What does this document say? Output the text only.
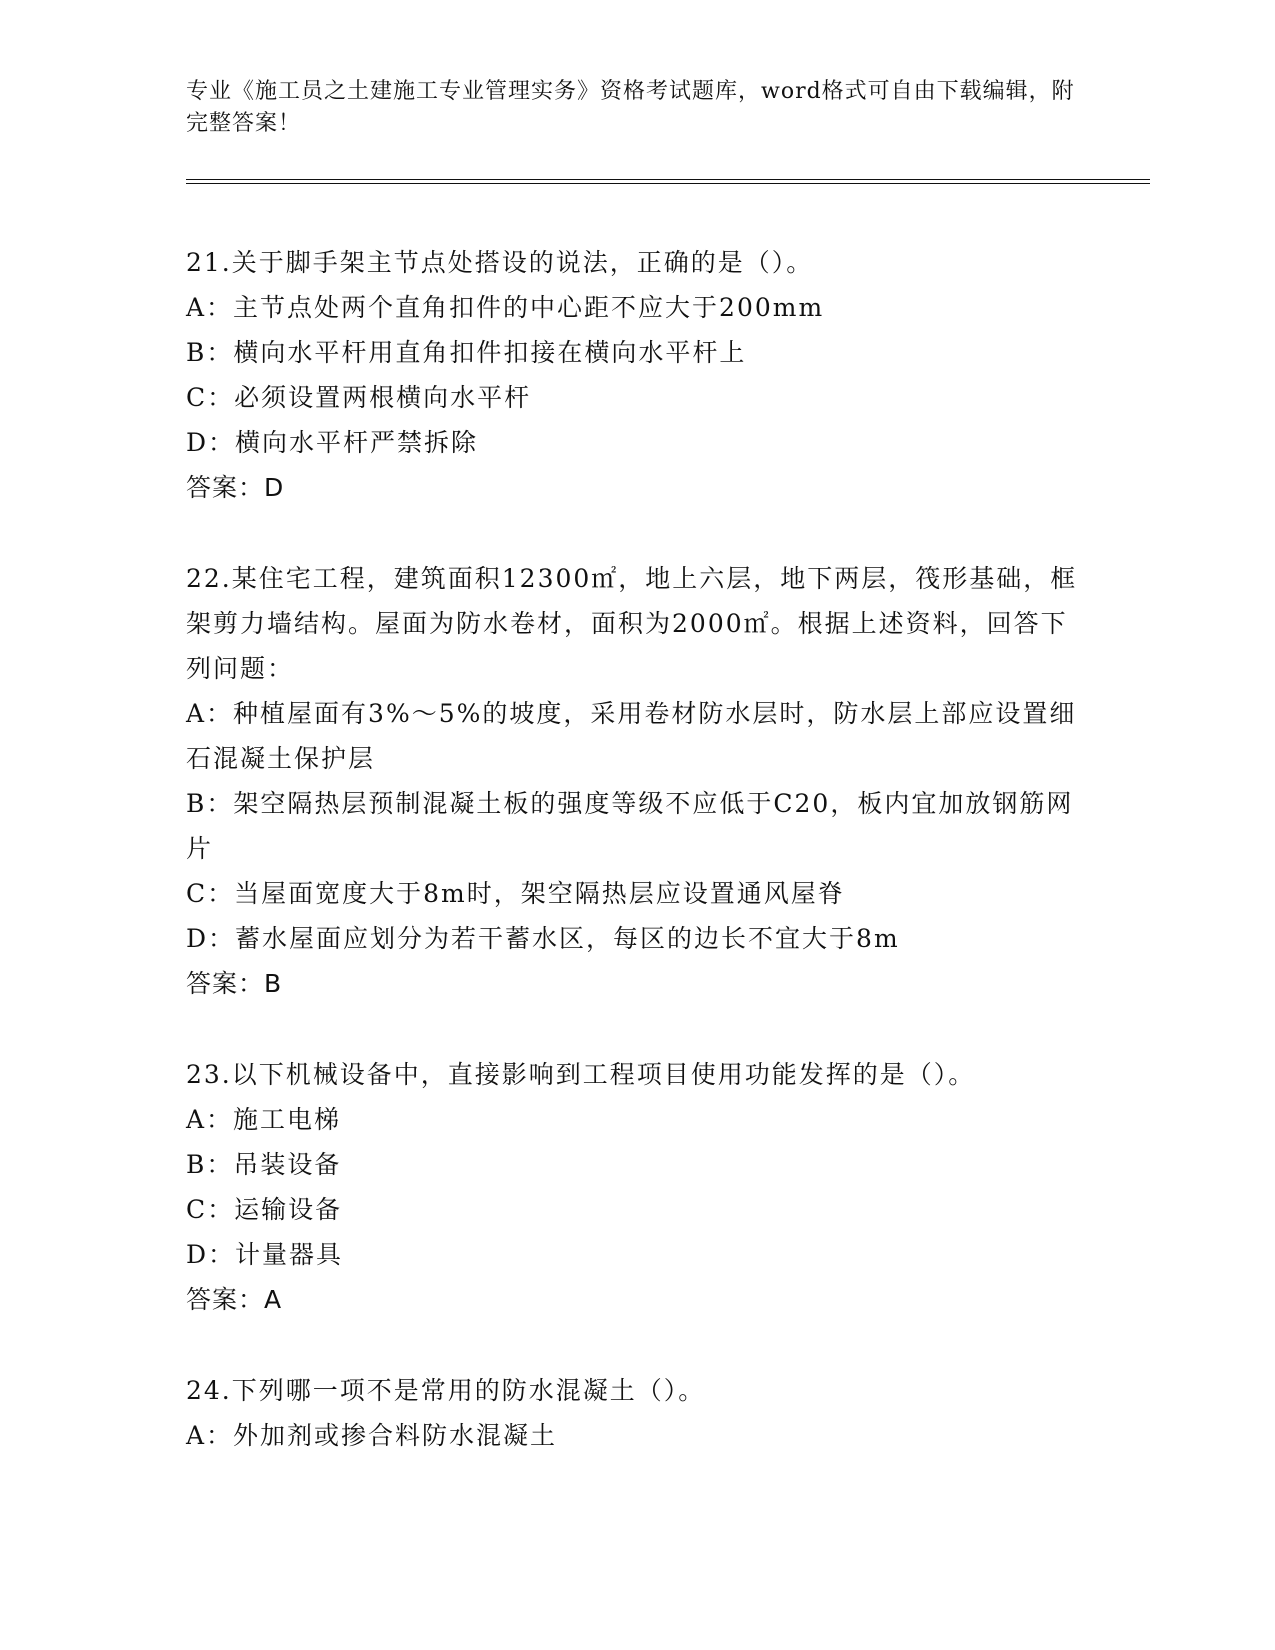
专业《施工员之土建施工专业管理实务》资格考试题库，word格式可自由下载编辑，附完整答案！
21.关于脚手架主节点处搭设的说法，正确的是（）。
A：主节点处两个直角扣件的中心距不应大于200mm
B：横向水平杆用直角扣件扣接在横向水平杆上
C：必须设置两根横向水平杆
D：横向水平杆严禁拆除
答案：D
22.某住宅工程，建筑面积12300㎡，地上六层，地下两层，筏形基础，框架剪力墙结构。屋面为防水卷材，面积为2000㎡。根据上述资料，回答下列问题：
A：种植屋面有3%～5%的坡度，采用卷材防水层时，防水层上部应设置细石混凝土保护层
B：架空隔热层预制混凝土板的强度等级不应低于C20，板内宜加放钢筋网片
C：当屋面宽度大于8m时，架空隔热层应设置通风屋脊
D：蓄水屋面应划分为若干蓄水区，每区的边长不宜大于8m
答案：B
23.以下机械设备中，直接影响到工程项目使用功能发挥的是（）。
A：施工电梯
B：吊装设备
C：运输设备
D：计量器具
答案：A
24.下列哪一项不是常用的防水混凝土（）。
A：外加剂或掺合料防水混凝土
